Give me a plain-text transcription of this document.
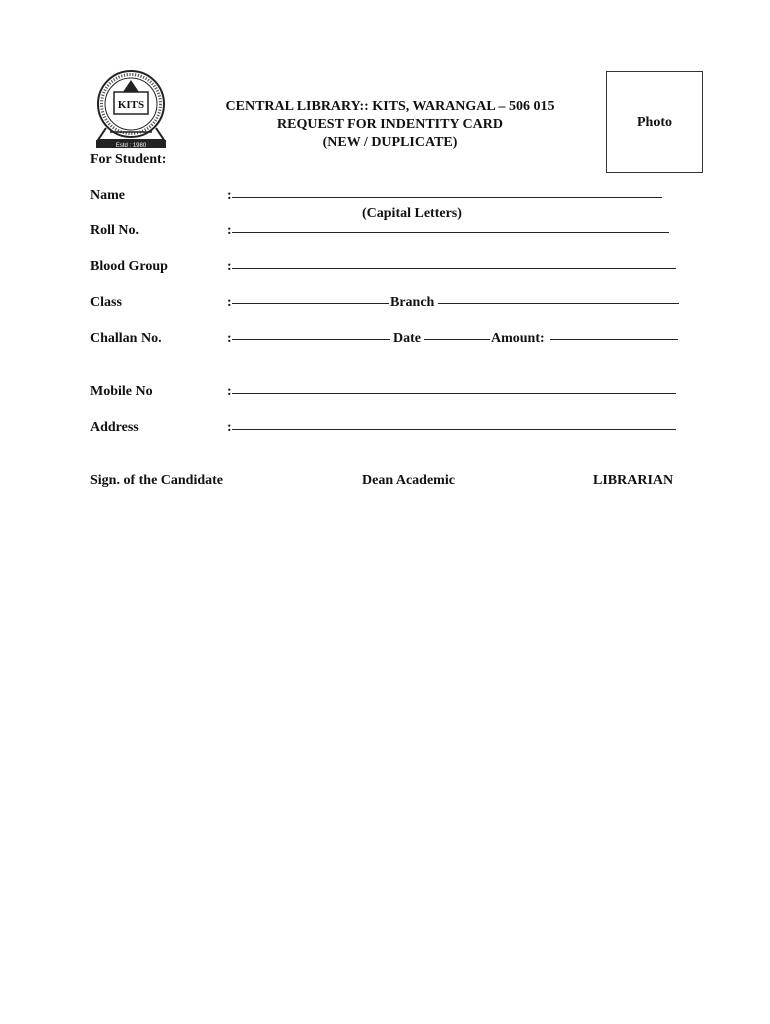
KITS
Estd : 1980
CENTRAL LIBRARY:: KITS, WARANGAL – 506 015
REQUEST FOR INDENTITY CARD
(NEW / DUPLICATE)
Photo
For Student:
Name	:
(Capital Letters)
Roll No.	:
Blood Group	:
Class	:	Branch
Challan No.	:	Date	Amount:
Mobile No	:
Address	:
Sign. of the Candidate	Dean Academic	LIBRARIAN
